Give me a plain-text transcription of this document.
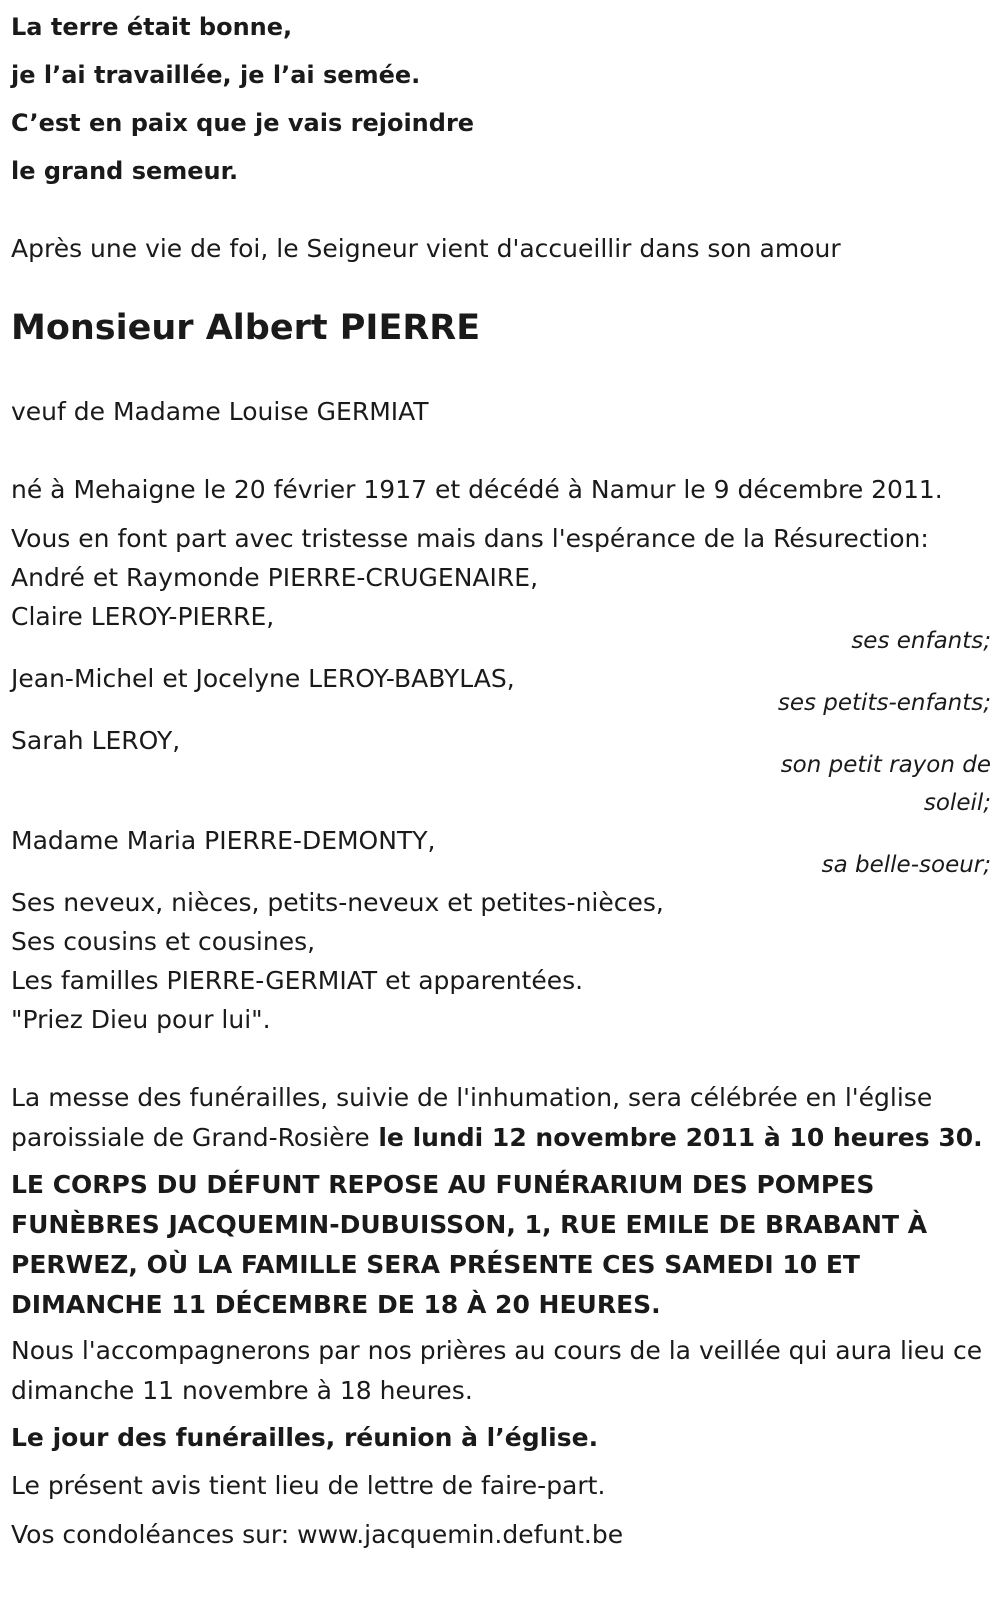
La terre était bonne,
je l’ai travaillée, je l’ai semée.
C’est en paix que je vais rejoindre
le grand semeur.
Après une vie de foi, le Seigneur vient d'accueillir dans son amour
Monsieur Albert PIERRE
veuf de Madame Louise GERMIAT
né à Mehaigne le 20 février 1917 et décédé à Namur le 9 décembre 2011.
Vous en font part avec tristesse mais dans l'espérance de la Résurection:
André et Raymonde PIERRE-CRUGENAIRE,
Claire LEROY-PIERRE,
ses enfants;
Jean-Michel et Jocelyne LEROY-BABYLAS,
ses petits-enfants;
Sarah LEROY,
son petit rayon de
soleil;
Madame Maria PIERRE-DEMONTY,
sa belle-soeur;
Ses neveux, nièces, petits-neveux et petites-nièces,
Ses cousins et cousines,
Les familles PIERRE-GERMIAT et apparentées.
"Priez Dieu pour lui".
La messe des funérailles, suivie de l'inhumation, sera célébrée en l'église paroissiale de Grand-Rosière le lundi 12 novembre 2011 à 10 heures 30.
LE CORPS DU DÉFUNT REPOSE AU FUNÉRARIUM DES POMPES FUNÈBRES JACQUEMIN-DUBUISSON, 1, RUE EMILE DE BRABANT À PERWEZ, OÙ LA FAMILLE SERA PRÉSENTE CES SAMEDI 10 ET DIMANCHE 11 DÉCEMBRE DE 18 À 20 HEURES.
Nous l'accompagnerons par nos prières au cours de la veillée qui aura lieu ce dimanche 11 novembre à 18 heures.
Le jour des funérailles, réunion à l’église.
Le présent avis tient lieu de lettre de faire-part.
Vos condoléances sur: www.jacquemin.defunt.be
